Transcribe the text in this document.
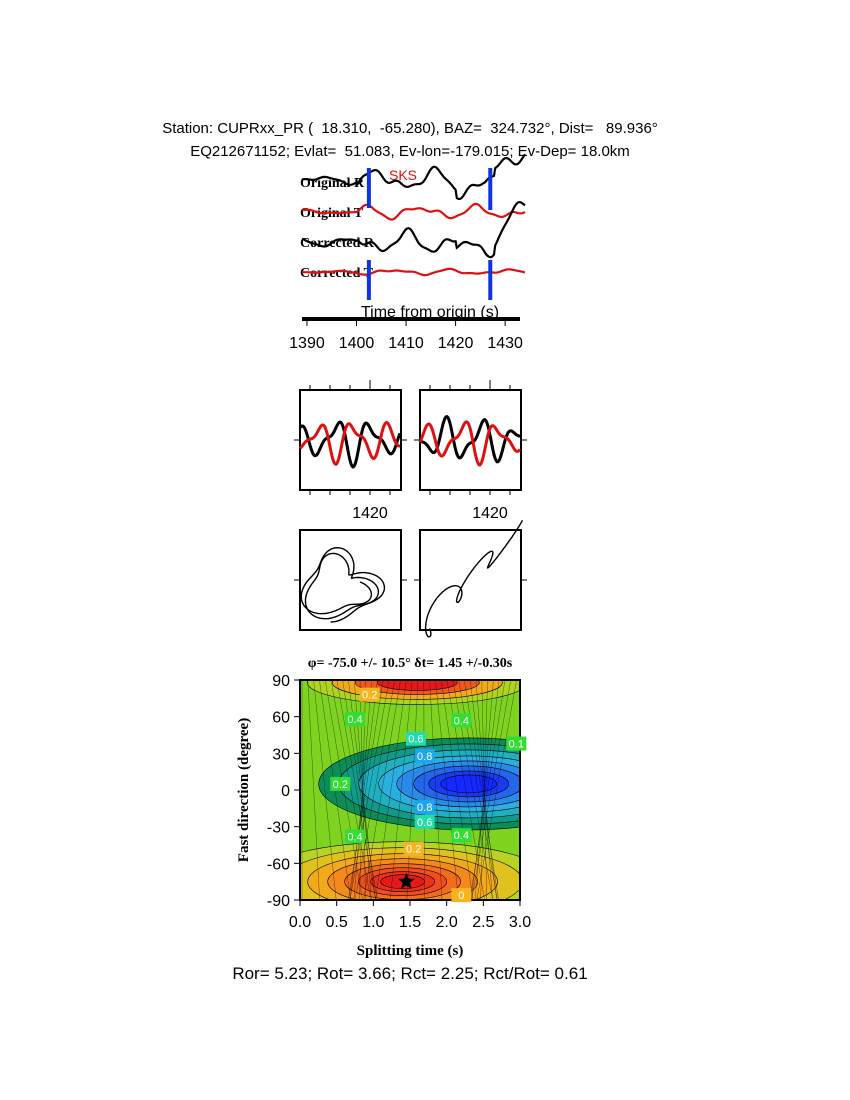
Station: CUPRxx_PR (  18.310,  -65.280), BAZ=  324.732°, Dist=   89.936°
EQ212671152; Evlat=  51.083, Ev-lon=-179.015; Ev-Dep= 18.0km
Original R
Original T
Corrected R
Corrected T
SKS
1390 1400 1410 1420 1430
Time from origin (s)
1420	1420
φ= -75.0 +/- 10.5° δt= 1.45 +/-0.30s
0.0 0.5 1.0 1.5 2.0 2.5 3.0
90
60
30
0
-30
-60
-90
0.2
0.4	0.4
0.6
0.8
0.1
0.2
0.8
0.6
0.4	0.4
0.2
0
Splitting time (s)
Fast direction (degree)
Ror= 5.23; Rot= 3.66; Rct= 2.25; Rct/Rot= 0.61
